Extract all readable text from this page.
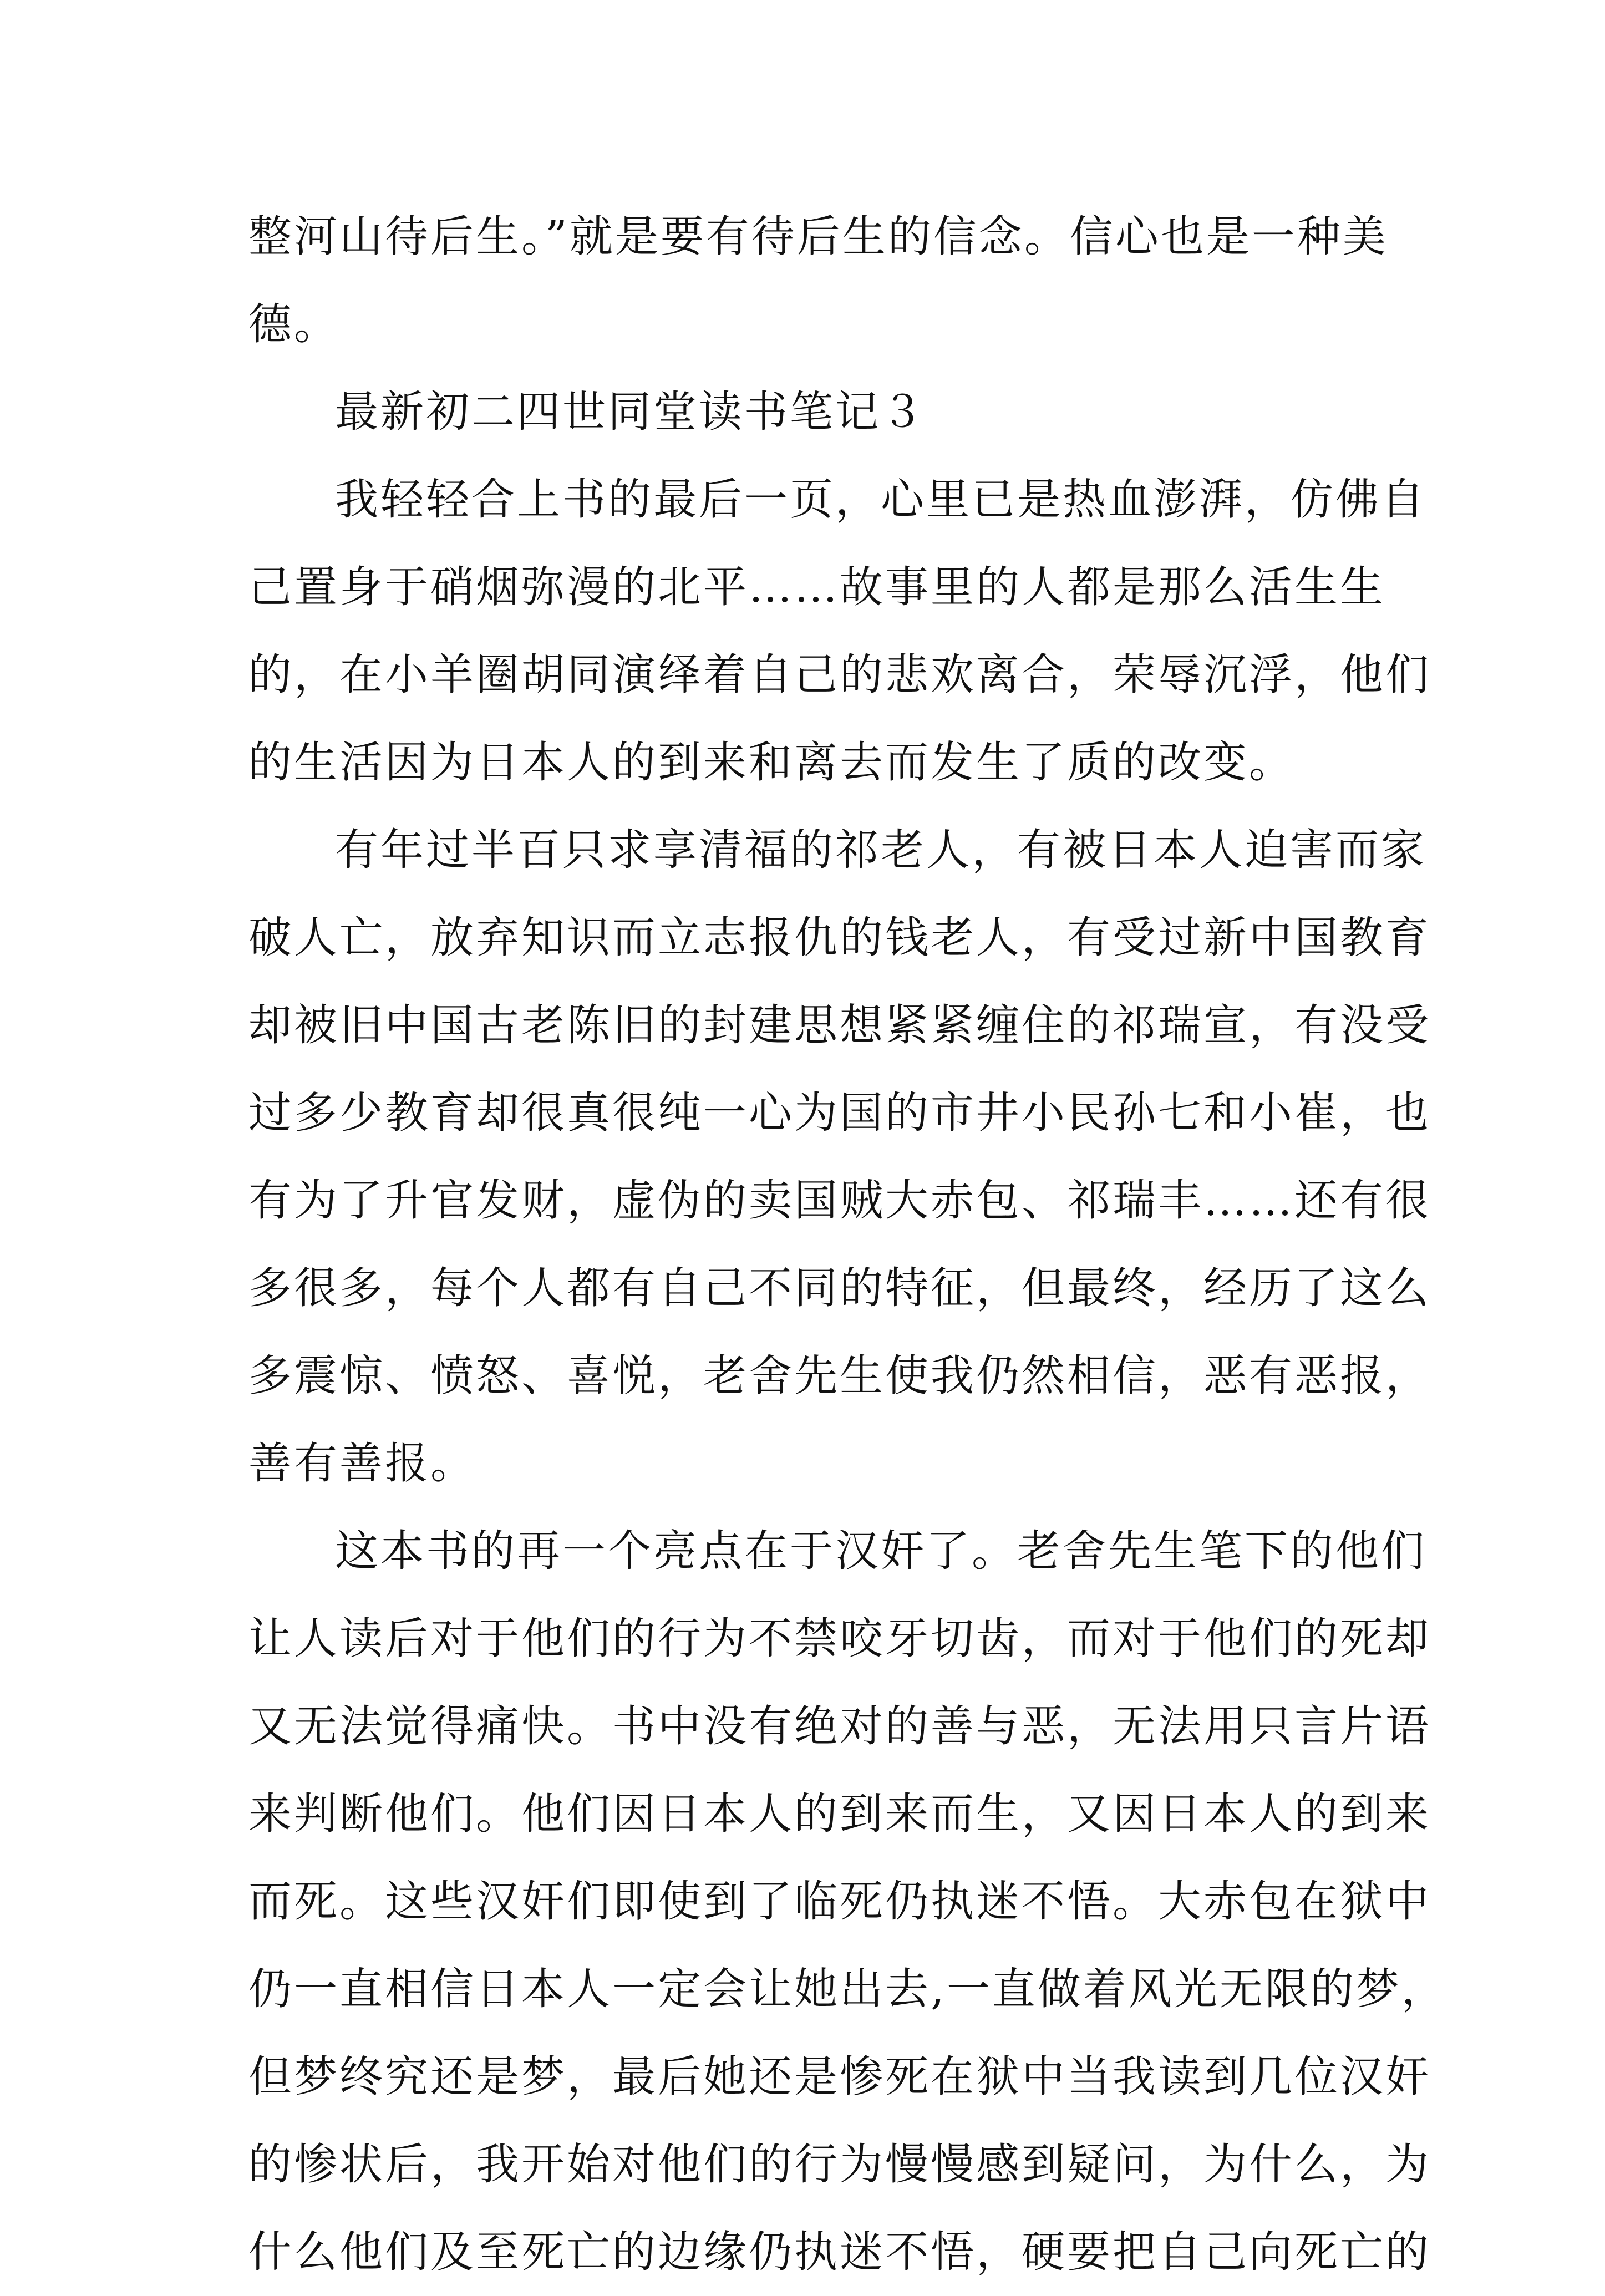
整河山待后生。”就是要有待后生的信念。信心也是一种美
德。
最新初二四世同堂读书笔记３
我轻轻合上书的最后一页，心里已是热血澎湃，仿佛自
己置身于硝烟弥漫的北平……故事里的人都是那么活生生
的，在小羊圈胡同演绎着自己的悲欢离合，荣辱沉浮，他们
的生活因为日本人的到来和离去而发生了质的改变。
有年过半百只求享清福的祁老人，有被日本人迫害而家
破人亡，放弃知识而立志报仇的钱老人，有受过新中国教育
却被旧中国古老陈旧的封建思想紧紧缠住的祁瑞宣，有没受
过多少教育却很真很纯一心为国的市井小民孙七和小崔，也
有为了升官发财，虚伪的卖国贼大赤包、祁瑞丰……还有很
多很多，每个人都有自己不同的特征，但最终，经历了这么
多震惊、愤怒、喜悦，老舍先生使我仍然相信，恶有恶报，
善有善报。
这本书的再一个亮点在于汉奸了。老舍先生笔下的他们
让人读后对于他们的行为不禁咬牙切齿，而对于他们的死却
又无法觉得痛快。书中没有绝对的善与恶，无法用只言片语
来判断他们。他们因日本人的到来而生，又因日本人的到来
而死。这些汉奸们即使到了临死仍执迷不悟。大赤包在狱中
仍一直相信日本人一定会让她出去,一直做着风光无限的梦，
但梦终究还是梦，最后她还是惨死在狱中当我读到几位汉奸
的惨状后，我开始对他们的行为慢慢感到疑问，为什么，为
什么他们及至死亡的边缘仍执迷不悟，硬要把自己向死亡的
